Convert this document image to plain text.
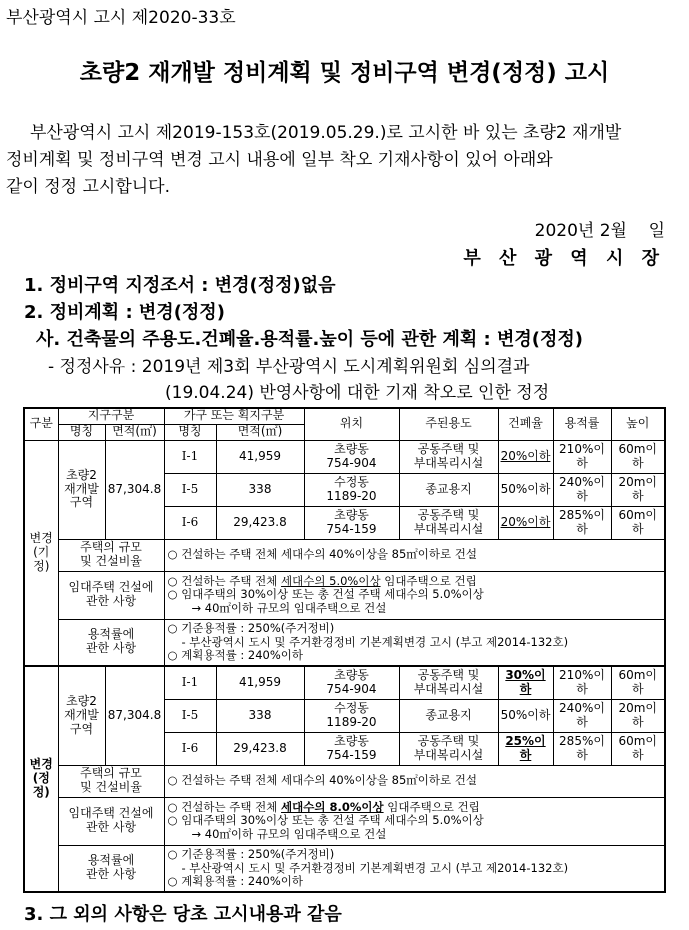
부산광역시 고시 제2020-33호
초량2 재개발 정비계획 및 정비구역 변경(정정) 고시
부산광역시 고시 제2019-153호(2019.05.29.)로 고시한 바 있는 초량2 재개발
정비계획 및 정비구역 변경 고시 내용에 일부 착오 기재사항이 있어 아래와
같이 정정 고시합니다.
2020년 2월    일
부 산 광 역 시 장
1. 정비구역 지정조서 : 변경(정정)없음
2. 정비계획 : 변경(정정)
사. 건축물의 주용도.건폐율.용적률.높이 등에 관한 계획 : 변경(정정)
- 정정사유 : 2019년 제3회 부산광역시 도시계획위원회 심의결과
(19.04.24) 반영사항에 대한 기재 착오로 인한 정정
구분	지구구분		가구 또는 획지구분		위치	주된용도	건폐율	용적률	높이
	명칭	면적(㎡)	명칭	면적(㎡)					

변경
(기정)	초량2
재개발
구역	87,304.8	I-1	41,959	초량동
754-904	공동주택 및
부대복리시설	20%이하	210%이하	60m이하
			I-5	338	수정동
1189-20	종교용지	50%이하	240%이하	20m이하
			I-6	29,423.8	초량동
754-159	공동주택 및
부대복리시설	20%이하	285%이하	60m이하

	주택의 규모
및 건설비율		○ 건설하는 주택 전체 세대수의 40%이상을 85㎡이하로 건설						

	임대주택 건설에
관한 사항		○ 건설하는 주택 전체 세대수의 5.0%이상 임대주택으로 건립
○ 임대주택의 30%이상 또는 총 건설 주택 세대수의 5.0%이상
→ 40㎡이하 규모의 임대주택으로 건설						

	용적률에
관한 사항		○ 기준용적률 : 250%(주거정비)
- 부산광역시 도시 및 주거환경정비 기본계획변경 고시 (부고 제2014-132호)
○ 계획용적률 : 240%이하						

변경
(정정)	초량2
재개발
구역	87,304.8	I-1	41,959	초량동
754-904	공동주택 및
부대복리시설	30%이하	210%이하	60m이하
			I-5	338	수정동
1189-20	종교용지	50%이하	240%이하	20m이하
			I-6	29,423.8	초량동
754-159	공동주택 및
부대복리시설	25%이하	285%이하	60m이하

	주택의 규모
및 건설비율		○ 건설하는 주택 전체 세대수의 40%이상을 85㎡이하로 건설						

	임대주택 건설에
관한 사항		○ 건설하는 주택 전체 세대수의 8.0%이상 임대주택으로 건립
○ 임대주택의 30%이상 또는 총 건설 주택 세대수의 5.0%이상
→ 40㎡이하 규모의 임대주택으로 건설						

	용적률에
관한 사항		○ 기준용적률 : 250%(주거정비)
- 부산광역시 도시 및 주거환경정비 기본계획변경 고시 (부고 제2014-132호)
○ 계획용적률 : 240%이하						
3. 그 외의 사항은 당초 고시내용과 같음
